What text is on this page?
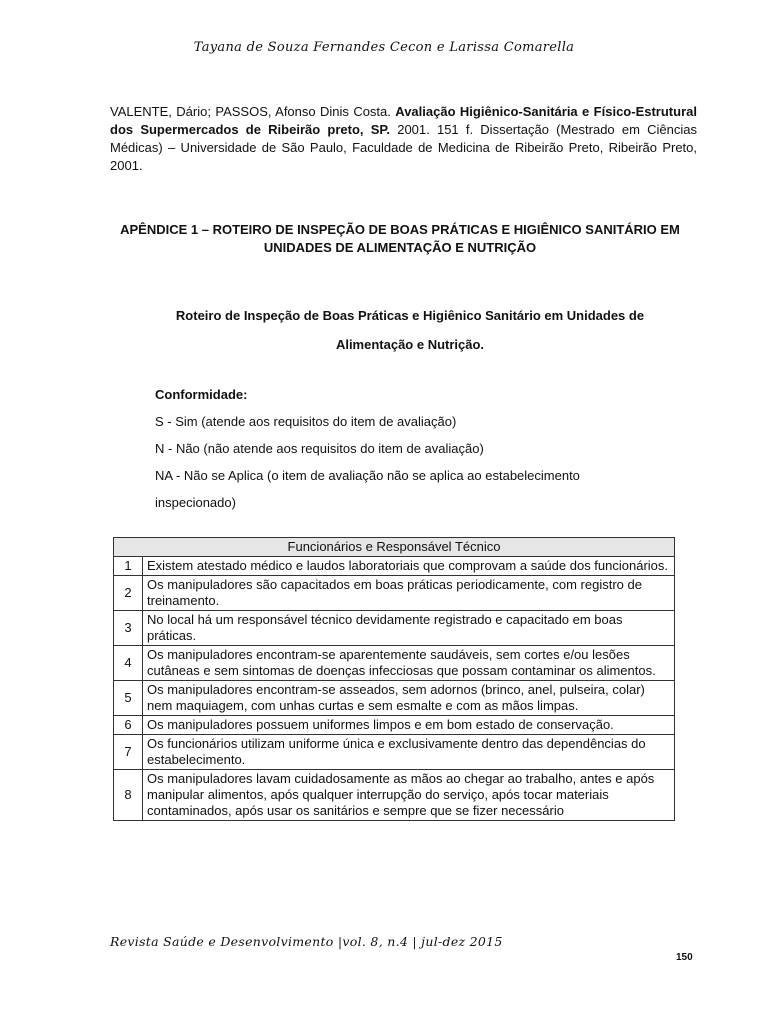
Tayana de Souza Fernandes Cecon e Larissa Comarella
VALENTE, Dário; PASSOS, Afonso Dinis Costa. Avaliação Higiênico-Sanitária e Físico-Estrutural dos Supermercados de Ribeirão preto, SP. 2001. 151 f. Dissertação (Mestrado em Ciências Médicas) – Universidade de São Paulo, Faculdade de Medicina de Ribeirão Preto, Ribeirão Preto, 2001.
APÊNDICE 1 – ROTEIRO DE INSPEÇÃO DE BOAS PRÁTICAS E HIGIÊNICO SANITÁRIO EM
UNIDADES DE ALIMENTAÇÃO E NUTRIÇÃO
Roteiro de Inspeção de Boas Práticas e Higiênico Sanitário em Unidades de
Alimentação e Nutrição.
Conformidade:
S - Sim (atende aos requisitos do item de avaliação)
N - Não (não atende aos requisitos do item de avaliação)
NA - Não se Aplica (o item de avaliação não se aplica ao estabelecimento
inspecionado)
Funcionários e Responsável Técnico	
1	Existem atestado médico e laudos laboratoriais que comprovam a saúde dos funcionários.
2	Os manipuladores são capacitados em boas práticas periodicamente, com registro de treinamento.
3	No local há um responsável técnico devidamente registrado e capacitado em boas práticas.
4	Os manipuladores encontram-se aparentemente saudáveis, sem cortes e/ou lesões cutâneas e sem sintomas de doenças infecciosas que possam contaminar os alimentos.
5	Os manipuladores encontram-se asseados, sem adornos (brinco, anel, pulseira, colar) nem maquiagem, com unhas curtas e sem esmalte e com as mãos limpas.
6	Os manipuladores possuem uniformes limpos e em bom estado de conservação.
7	Os funcionários utilizam uniforme única e exclusivamente dentro das dependências do estabelecimento.
8	Os manipuladores lavam cuidadosamente as mãos ao chegar ao trabalho, antes e após manipular alimentos, após qualquer interrupção do serviço, após tocar materiais contaminados, após usar os sanitários e sempre que se fizer necessário
Revista Saúde e Desenvolvimento |vol. 8, n.4 | jul-dez 2015
150
